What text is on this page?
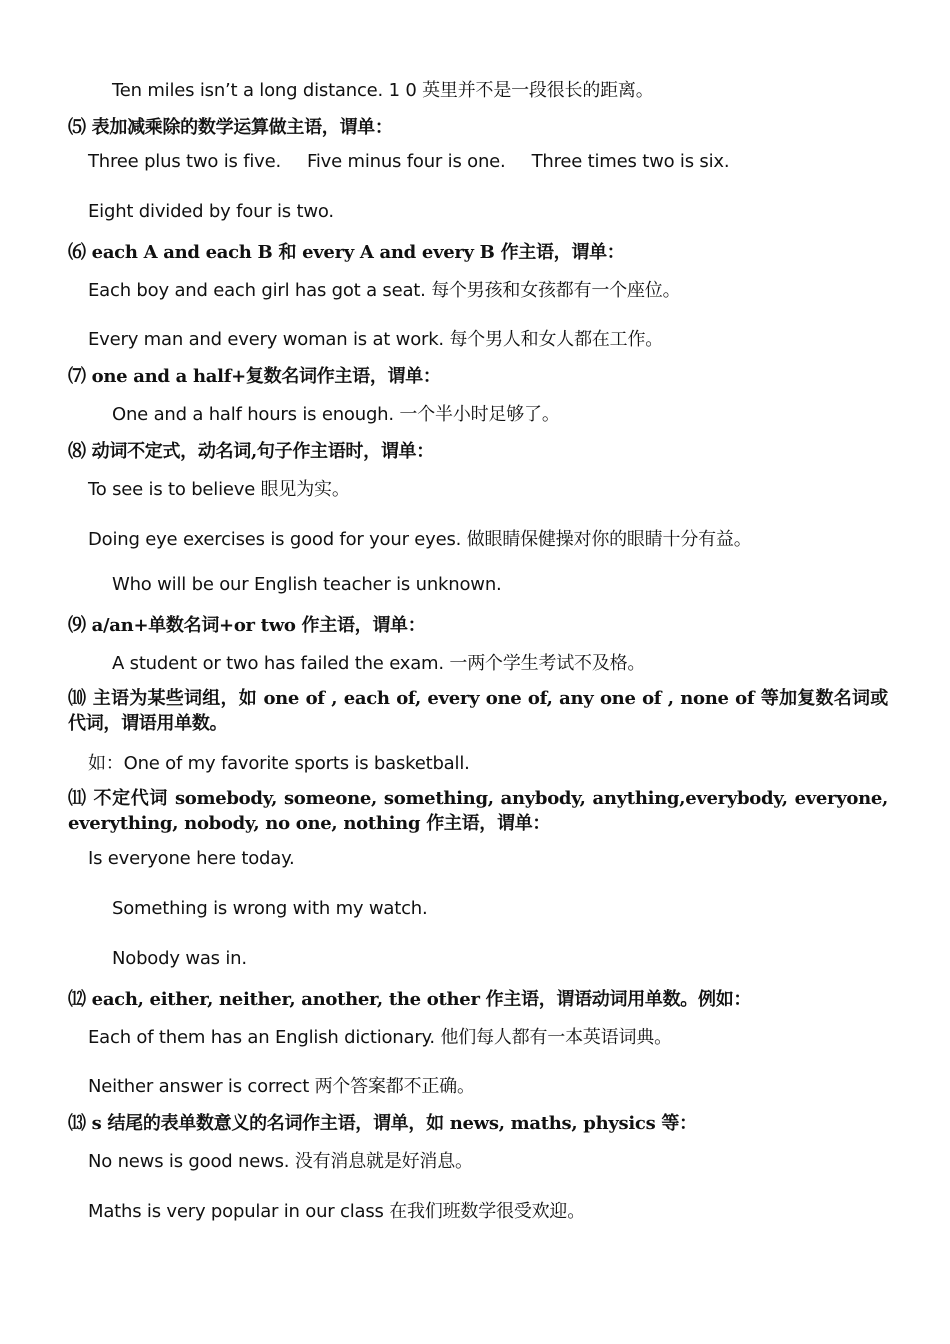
Ten miles isn’t a long distance. 1 0 英里并不是一段很长的距离。
⑸ 表加减乘除的数学运算做主语，谓单：
Three plus two is five. Five minus four is one. Three times two is six.
Eight divided by four is two.
⑹ each A and each B 和 every A and every B 作主语，谓单：
Each boy and each girl has got a seat. 每个男孩和女孩都有一个座位。
Every man and every woman is at work. 每个男人和女人都在工作。
⑺ one and a half+复数名词作主语，谓单：
One and a half hours is enough. 一个半小时足够了。
⑻ 动词不定式，动名词,句子作主语时，谓单：
To see is to believe 眼见为实。
Doing eye exercises is good for your eyes. 做眼睛保健操对你的眼睛十分有益。
Who will be our English teacher is unknown.
⑼ a/an+单数名词+or two 作主语，谓单：
A student or two has failed the exam. 一两个学生考试不及格。
⑽ 主语为某些词组，如 one of , each of, every one of, any one of , none of 等加复数名词或代词，谓语用单数。
如：One of my favorite sports is basketball.
⑾ 不定代词 somebody, someone, something, anybody, anything,everybody, everyone, everything, nobody, no one, nothing 作主语，谓单：
Is everyone here today.
Something is wrong with my watch.
Nobody was in.
⑿ each, either, neither, another, the other 作主语，谓语动词用单数。例如：
Each of them has an English dictionary. 他们每人都有一本英语词典。
Neither answer is correct 两个答案都不正确。
⒀ s 结尾的表单数意义的名词作主语，谓单，如 news, maths, physics 等：
No news is good news. 没有消息就是好消息。
Maths is very popular in our class 在我们班数学很受欢迎。
